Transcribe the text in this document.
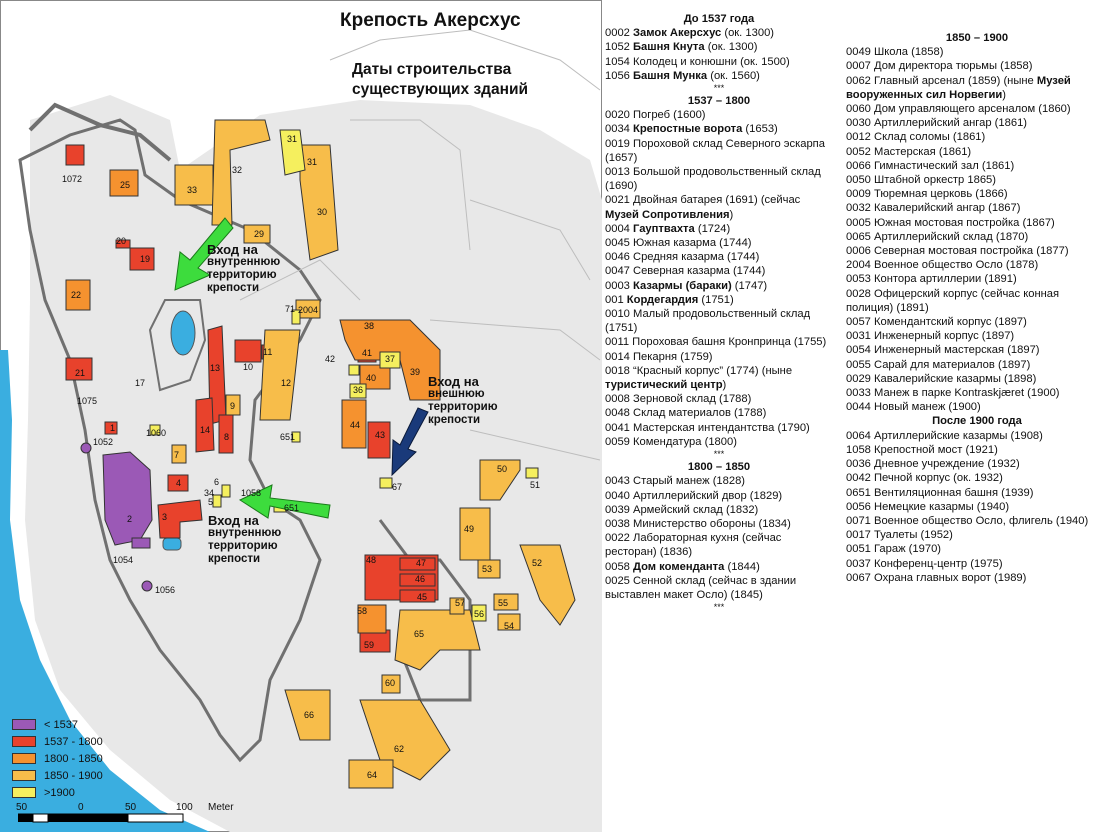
1072
25	33
32
31
31
30
29
20
19
22
71 2004
38
41
37
39
40
13	10
11
12
42
36
21
1075
17
14
8
9
1	1060
1052	651
44
43
7
67
50
51
4	6
34
5
1058
651
2	3
49
1054
53
52
48	47
46
45
1056
58
57
56
55
54
65
59
60
66
62
64
Крепость Акерсхус
Даты строительства
существующих зданий
Вход на
внутреннюю
территорию
крепости
Вход на
внешнюю
территорию
крепости
Вход на
внутреннюю
территорию
крепости
< 1537
1537 - 1800
1800 - 1850
1850 - 1900
>1900
50	0	50	100 Meter
До 1537 года
0002 Замок Акерсхус (ок. 1300)
1052 Башня Кнута (ок. 1300)
1054 Колодец и конюшни (ок. 1500)
1056 Башня Мунка (ок. 1560)
***
1537 – 1800
0020 Погреб (1600)
0034 Крепостные ворота (1653)
0019 Пороховой склад Северного эскарпа (1657)
0013 Большой продовольственный склад (1690)
0021 Двойная батарея (1691) (сейчас Музей Сопротивления)
0004 Гауптвахта (1724)
0045 Южная казарма (1744)
0046 Средняя казарма (1744)
0047 Северная казарма (1744)
0003 Казармы (бараки) (1747)
001 Кордегардия (1751)
0010 Малый продовольственный склад (1751)
0011 Пороховая башня Кронпринца (1755)
0014 Пекарня (1759)
0018 “Красный корпус” (1774) (ныне туристический центр)
0008 Зерновой склад (1788)
0048 Склад материалов (1788)
0041 Мастерская интендантства (1790)
0059 Комендатура (1800)
***
1800 – 1850
0043 Старый манеж (1828)
0040 Артиллерийский двор (1829)
0039 Армейский склад (1832)
0038 Министерство обороны (1834)
0022 Лабораторная кухня (сейчас ресторан) (1836)
0058 Дом коменданта (1844)
0025 Сенной склад (сейчас в здании выставлен макет Осло) (1845)
***
1850 – 1900
0049 Школа (1858)
0007 Дом директора тюрьмы (1858)
0062 Главный арсенал (1859) (ныне Музей вооруженных сил Норвегии)
0060 Дом управляющего арсеналом (1860)
0030 Артиллерийский ангар (1861)
0012 Склад соломы (1861)
0052 Мастерская (1861)
0066 Гимнастический зал (1861)
0050 Штабной оркестр 1865)
0009 Тюремная церковь (1866)
0032 Кавалерийский ангар (1867)
0005 Южная мостовая постройка (1867)
0065 Артиллерийский склад (1870)
0006 Северная мостовая постройка (1877)
2004 Военное общество Осло (1878)
0053 Контора артиллерии (1891)
0028 Офицерский корпус (сейчас конная полиция) (1891)
0057 Комендантский корпус (1897)
0031 Инженерный корпус (1897)
0054 Инженерный мастерская (1897)
0055 Сарай для материалов (1897)
0029 Кавалерийские казармы (1898)
0033 Манеж в парке Kontraskjæret (1900)
0044 Новый манеж (1900)
После 1900 года
0064 Артиллерийские казармы (1908)
1058 Крепостной мост (1921)
0036 Дневное учреждение (1932)
0042 Печной корпус (ок. 1932)
0651 Вентиляционная башня (1939)
0056 Немецкие казармы (1940)
0071 Военное общество Осло, флигель (1940)
0017 Туалеты (1952)
0051 Гараж (1970)
0037 Конференц-центр (1975)
0067 Охрана главных ворот (1989)
